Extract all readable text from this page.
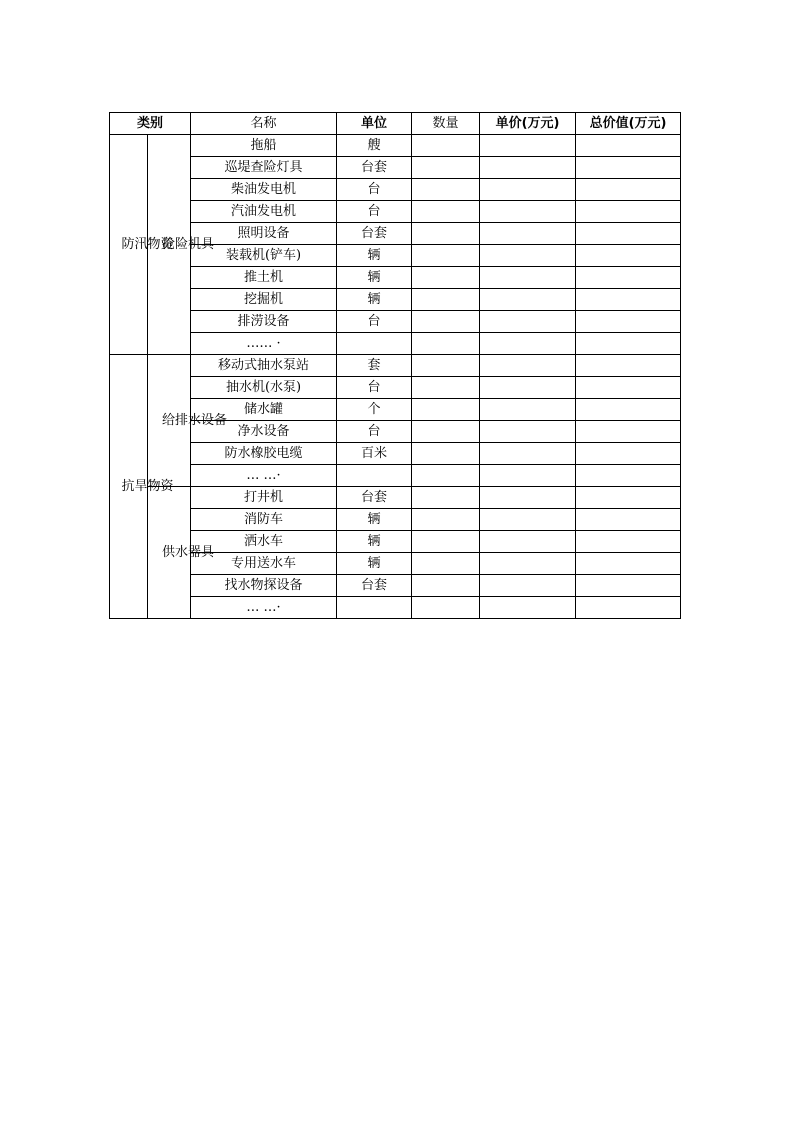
类别		名称	单位	数量	单价(万元)	总价值(万元)
防汛物资	抢险机具	拖船	艘			
		巡堤查险灯具	台套			
		柴油发电机	台			
		汽油发电机	台			
		照明设备	台套			
		装载机(铲车)	辆			
		推土机	辆			
		挖掘机	辆			
		排涝设备	台			
		…… ·				
抗旱物资	给排水设备	移动式抽水泵站	套			
		抽水机(水泵)	台			
		储水罐	个			
		净水设备	台			
		防水橡胶电缆	百米			
		… …·				
	供水器具	打井机	台套			
		消防车	辆			
		洒水车	辆			
		专用送水车	辆			
		找水物探设备	台套			
		… …·				
